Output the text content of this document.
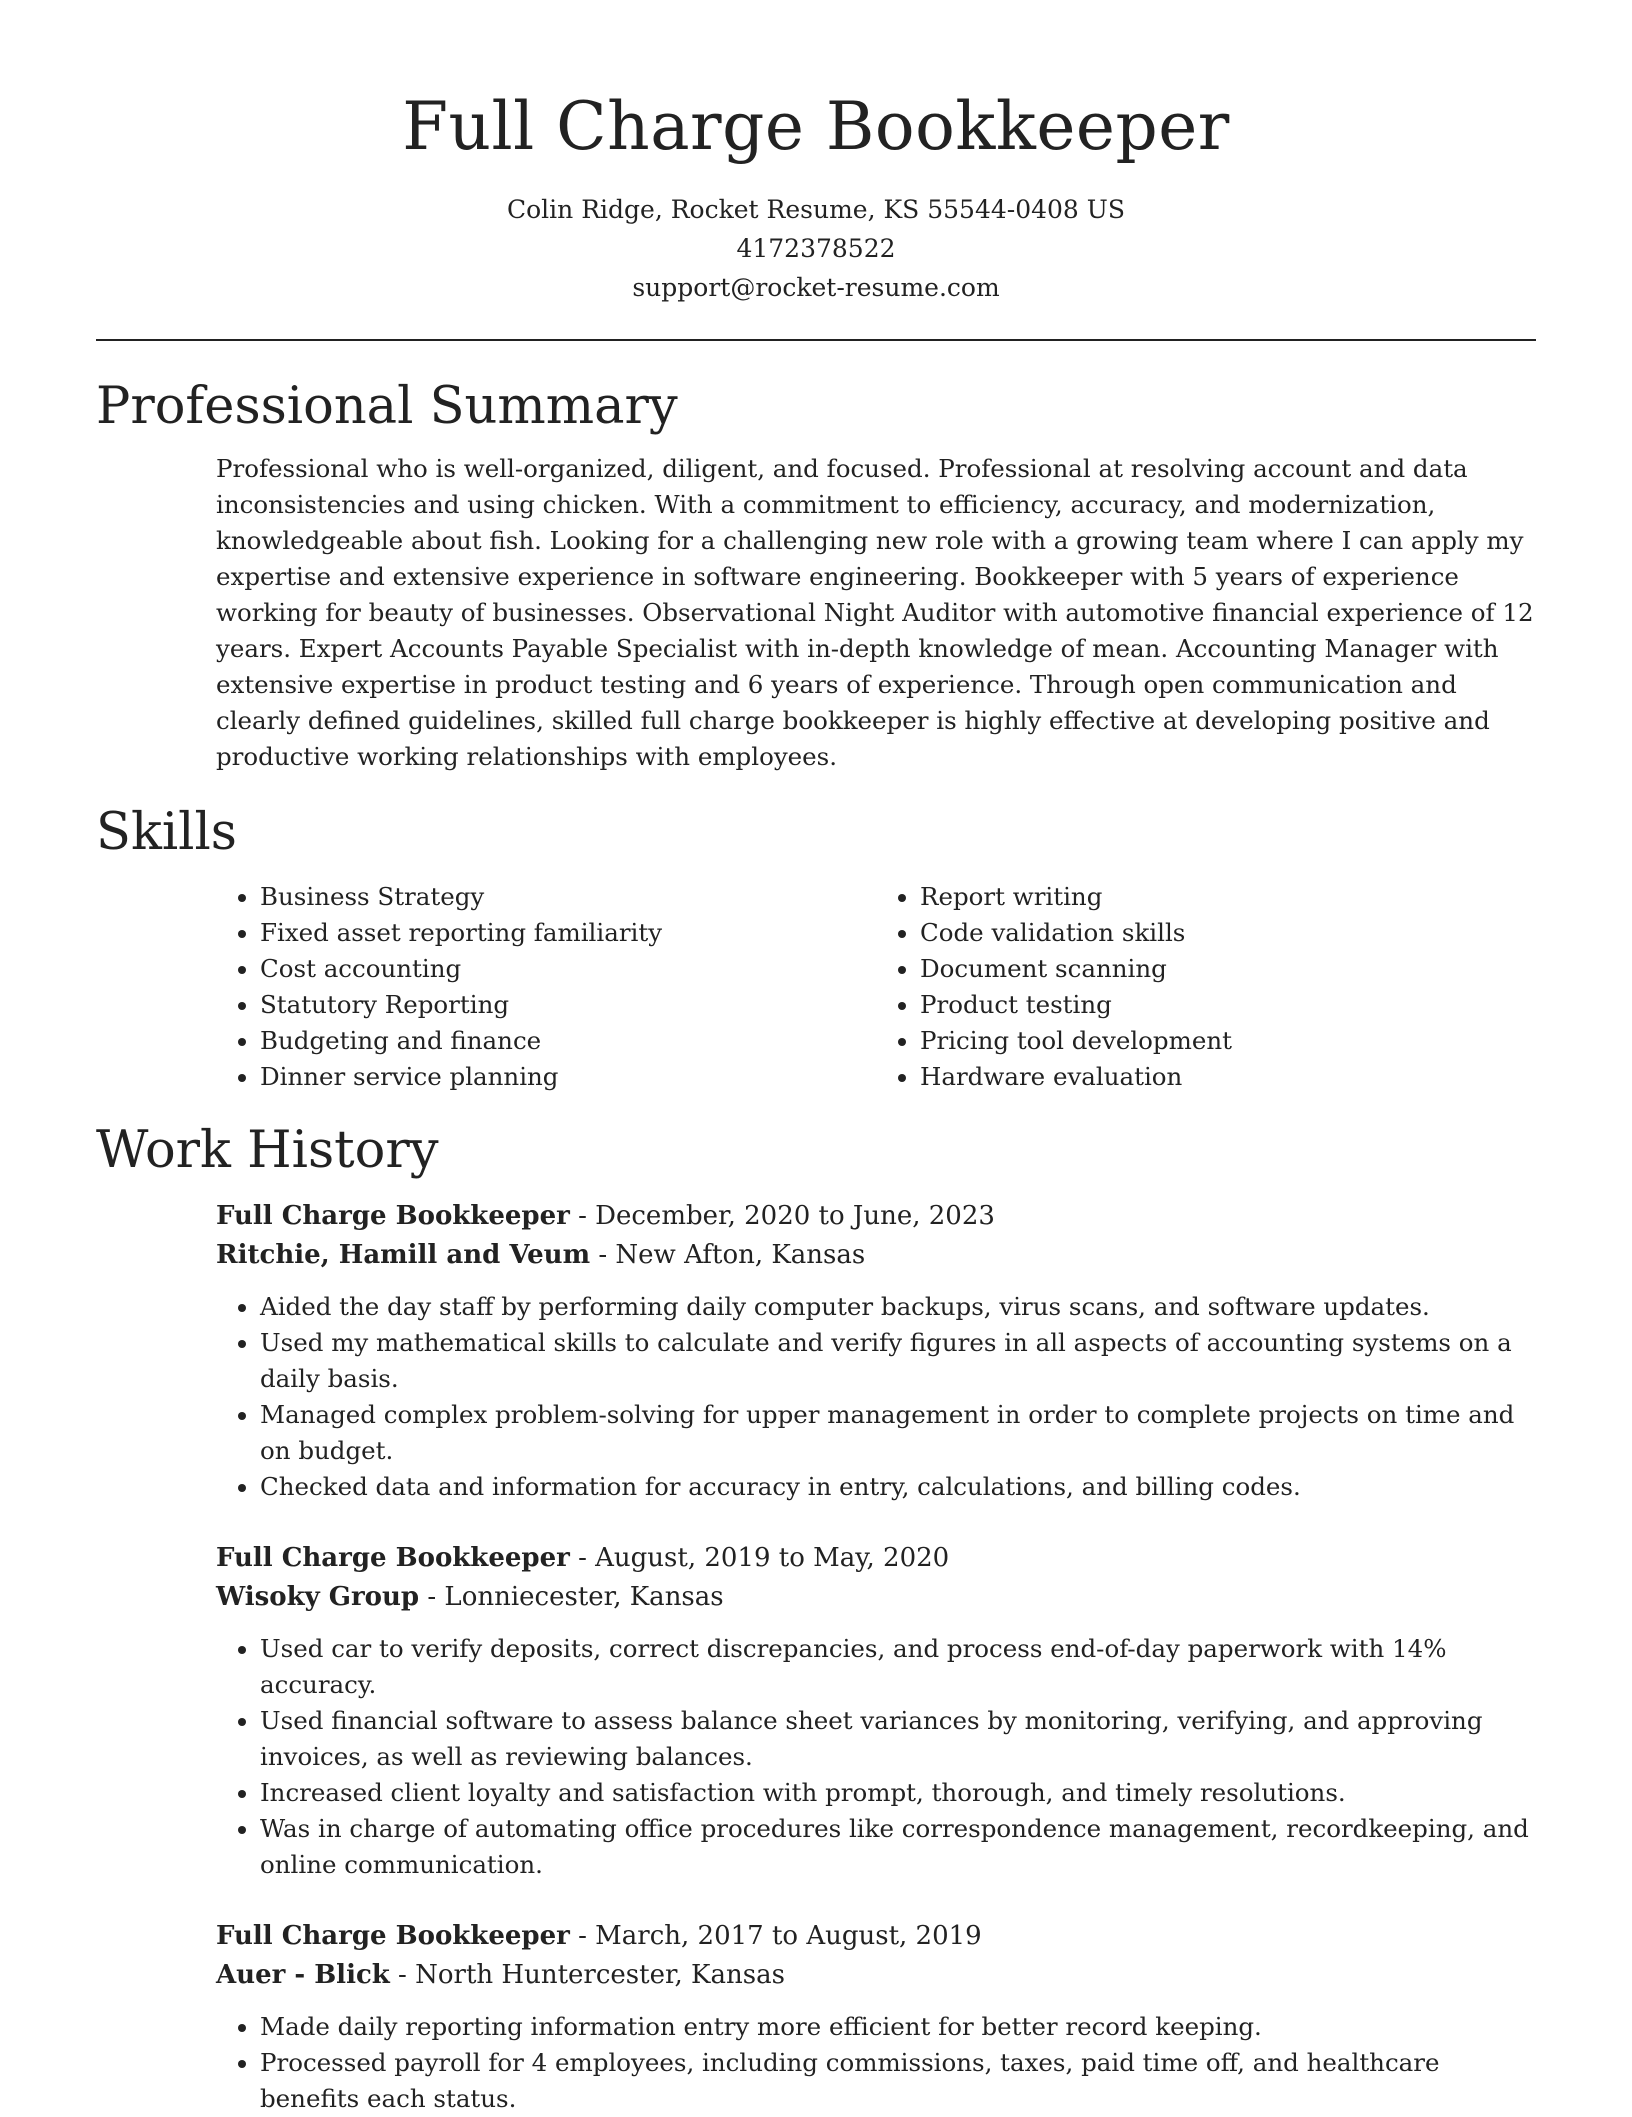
Full Charge Bookkeeper
Colin Ridge, Rocket Resume, KS 55544-0408 US
4172378522
support@rocket-resume.com
Professional Summary

Professional who is well-organized, diligent, and focused. Professional at resolving account and data inconsistencies and using chicken. With a commitment to efficiency, accuracy, and modernization, knowledgeable about fish. Looking for a challenging new role with a growing team where I can apply my expertise and extensive experience in software engineering. Bookkeeper with 5 years of experience working for beauty of businesses. Observational Night Auditor with automotive financial experience of 12 years. Expert Accounts Payable Specialist with in-depth knowledge of mean. Accounting Manager with extensive expertise in product testing and 6 years of experience. Through open communication and clearly defined guidelines, skilled full charge bookkeeper is highly effective at developing positive and productive working relationships with employees.

Skills
• Business Strategy
• Fixed asset reporting familiarity
• Cost accounting
• Statutory Reporting
• Budgeting and finance
• Dinner service planning
• Report writing
• Code validation skills
• Document scanning
• Product testing
• Pricing tool development
• Hardware evaluation
Work History
Full Charge Bookkeeper - December, 2020 to June, 2023
Ritchie, Hamill and Veum - New Afton, Kansas
• Aided the day staff by performing daily computer backups, virus scans, and software updates.
• Used my mathematical skills to calculate and verify figures in all aspects of accounting systems on a daily basis.
• Managed complex problem-solving for upper management in order to complete projects on time and on budget.
• Checked data and information for accuracy in entry, calculations, and billing codes.
Full Charge Bookkeeper - August, 2019 to May, 2020
Wisoky Group - Lonniecester, Kansas
• Used car to verify deposits, correct discrepancies, and process end-of-day paperwork with 14% accuracy.
• Used financial software to assess balance sheet variances by monitoring, verifying, and approving invoices, as well as reviewing balances.
• Increased client loyalty and satisfaction with prompt, thorough, and timely resolutions.
• Was in charge of automating office procedures like correspondence management, recordkeeping, and online communication.
Full Charge Bookkeeper - March, 2017 to August, 2019
Auer - Blick - North Huntercester, Kansas
• Made daily reporting information entry more efficient for better record keeping.
• Processed payroll for 4 employees, including commissions, taxes, paid time off, and healthcare benefits each status.
